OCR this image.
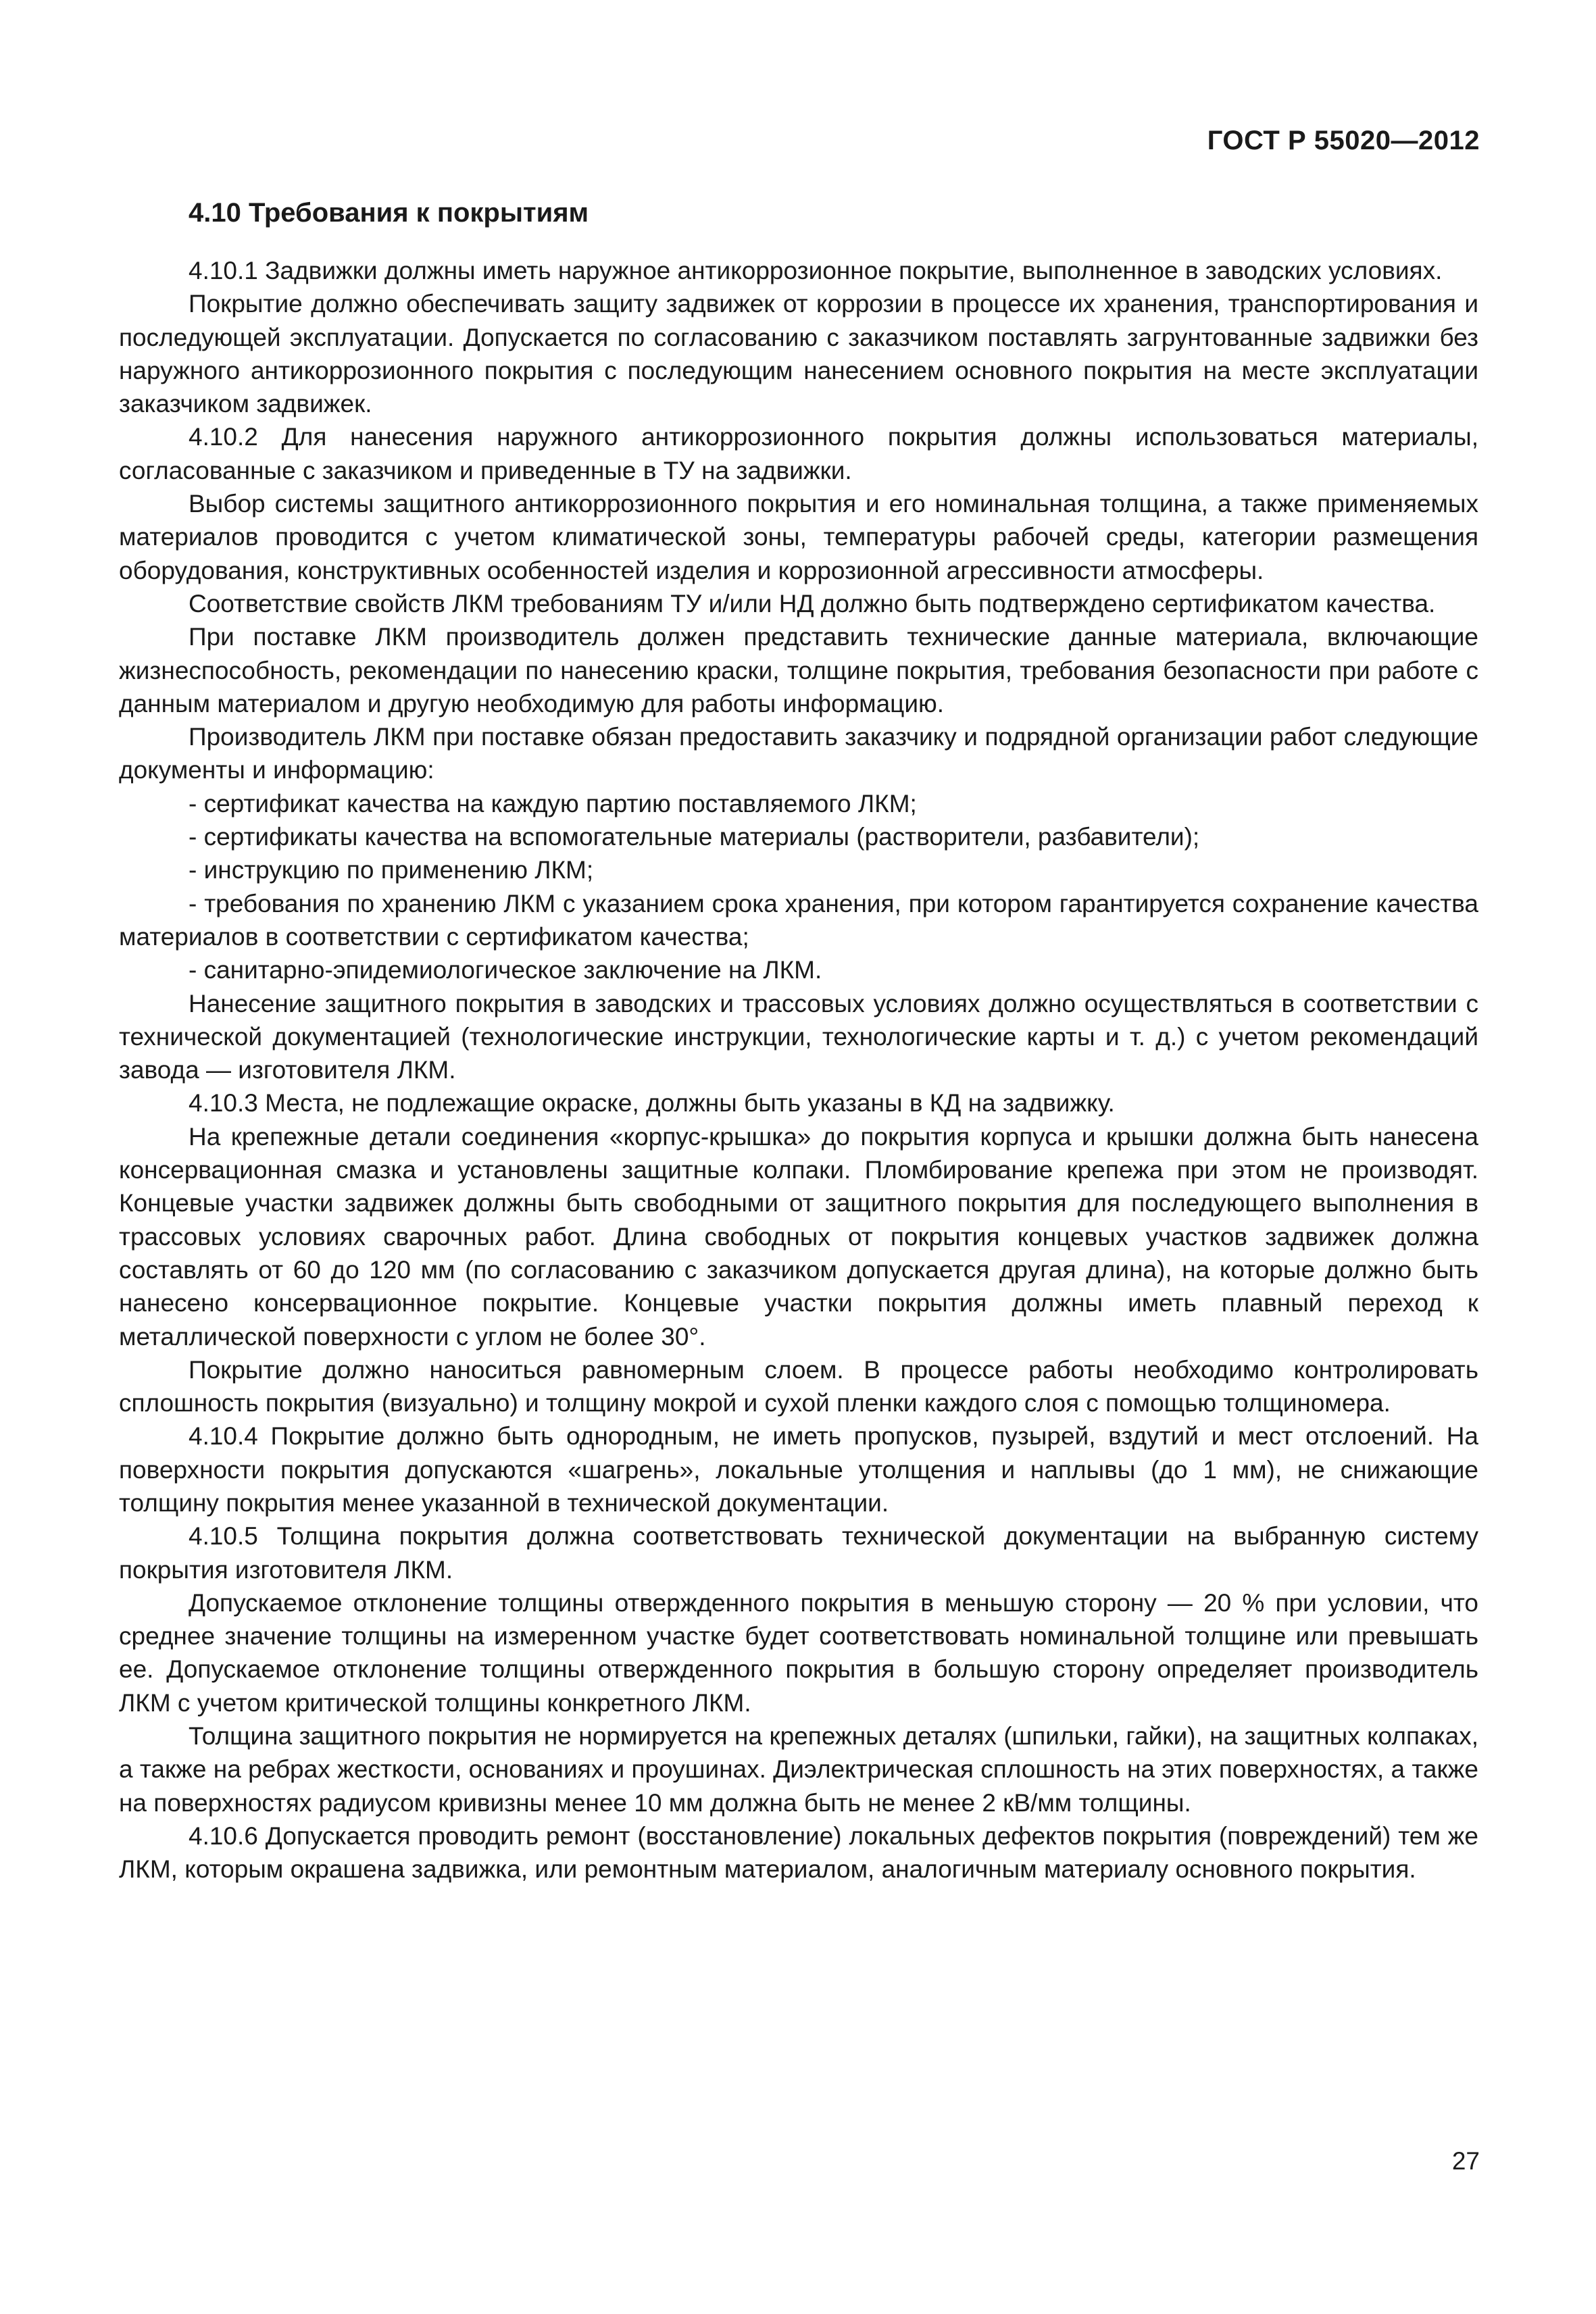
ГОСТ Р 55020—2012
4.10 Требования к покрытиям

4.10.1 Задвижки должны иметь наружное антикоррозионное покрытие, выполненное в заводских условиях.

Покрытие должно обеспечивать защиту задвижек от коррозии в процессе их хранения, транспортирования и последующей эксплуатации. Допускается по согласованию с заказчиком поставлять загрунтованные задвижки без наружного антикоррозионного покрытия с последующим нанесением основного покрытия на месте эксплуатации заказчиком задвижек.

4.10.2 Для нанесения наружного антикоррозионного покрытия должны использоваться материалы, согласованные с заказчиком и приведенные в ТУ на задвижки.

Выбор системы защитного антикоррозионного покрытия и его номинальная толщина, а также применяемых материалов проводится с учетом климатической зоны, температуры рабочей среды, категории размещения оборудования, конструктивных особенностей изделия и коррозионной агрессивности атмосферы.

Соответствие свойств ЛКМ требованиям ТУ и/или НД должно быть подтверждено сертификатом качества.

При поставке ЛКМ производитель должен представить технические данные материала, включающие жизнеспособность, рекомендации по нанесению краски, толщине покрытия, требования безопасности при работе с данным материалом и другую необходимую для работы информацию.

Производитель ЛКМ при поставке обязан предоставить заказчику и подрядной организации работ следующие документы и информацию:

- сертификат качества на каждую партию поставляемого ЛКМ;

- сертификаты качества на вспомогательные материалы (растворители, разбавители);

- инструкцию по применению ЛКМ;

- требования по хранению ЛКМ с указанием срока хранения, при котором гарантируется сохранение качества материалов в соответствии с сертификатом качества;

- санитарно-эпидемиологическое заключение на ЛКМ.

Нанесение защитного покрытия в заводских и трассовых условиях должно осуществляться в соответствии с технической документацией (технологические инструкции, технологические карты и т. д.) с учетом рекомендаций завода — изготовителя ЛКМ.

4.10.3 Места, не подлежащие окраске, должны быть указаны в КД на задвижку.

На крепежные детали соединения «корпус-крышка» до покрытия корпуса и крышки должна быть нанесена консервационная смазка и установлены защитные колпаки. Пломбирование крепежа при этом не производят. Концевые участки задвижек должны быть свободными от защитного покрытия для последующего выполнения в трассовых условиях сварочных работ. Длина свободных от покрытия концевых участков задвижек должна составлять от 60 до 120 мм (по согласованию с заказчиком допускается другая длина), на которые должно быть нанесено консервационное покрытие. Концевые участки покрытия должны иметь плавный переход к металлической поверхности с углом не более 30°.

Покрытие должно наноситься равномерным слоем. В процессе работы необходимо контролировать сплошность покрытия (визуально) и толщину мокрой и сухой пленки каждого слоя с помощью толщиномера.

4.10.4 Покрытие должно быть однородным, не иметь пропусков, пузырей, вздутий и мест отслоений. На поверхности покрытия допускаются «шагрень», локальные утолщения и наплывы (до 1 мм), не снижающие толщину покрытия менее указанной в технической документации.

4.10.5 Толщина покрытия должна соответствовать технической документации на выбранную систему покрытия изготовителя ЛКМ.

Допускаемое отклонение толщины отвержденного покрытия в меньшую сторону — 20 % при условии, что среднее значение толщины на измеренном участке будет соответствовать номинальной толщине или превышать ее. Допускаемое отклонение толщины отвержденного покрытия в большую сторону определяет производитель ЛКМ с учетом критической толщины конкретного ЛКМ.

Толщина защитного покрытия не нормируется на крепежных деталях (шпильки, гайки), на защитных колпаках, а также на ребрах жесткости, основаниях и проушинах. Диэлектрическая сплошность на этих поверхностях, а также на поверхностях радиусом кривизны менее 10 мм должна быть не менее 2 кВ/мм толщины.

4.10.6 Допускается проводить ремонт (восстановление) локальных дефектов покрытия (повреждений) тем же ЛКМ, которым окрашена задвижка, или ремонтным материалом, аналогичным материалу основного покрытия.

27
